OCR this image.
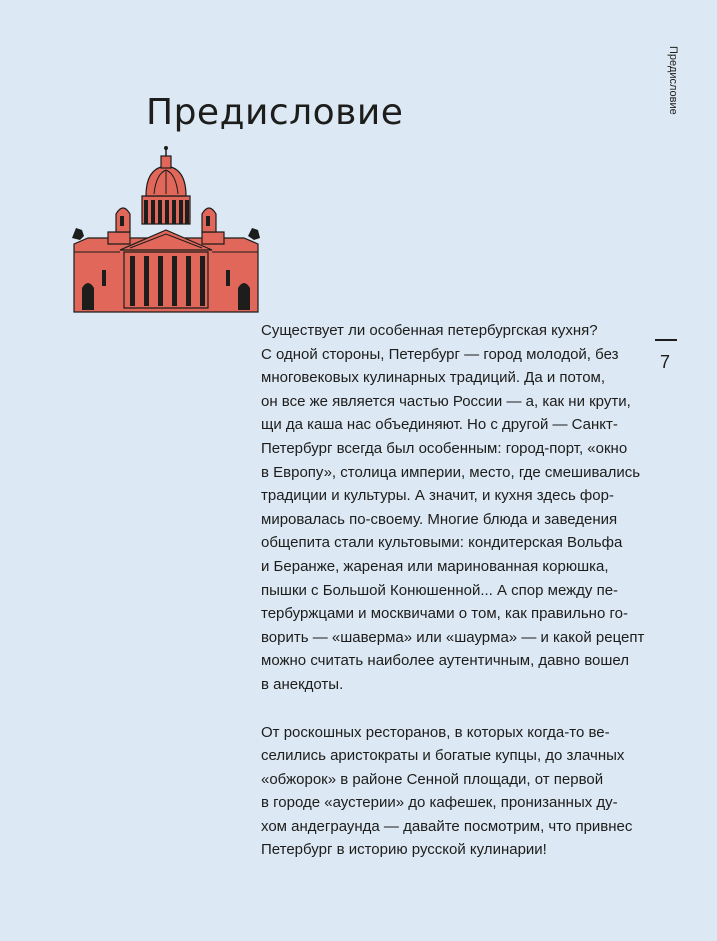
Предисловие	Предисловие
7

Существует ли особенная петербургская кухня?
С одной стороны, Петербург — город молодой, без
многовековых кулинарных традиций. Да и потом,
он все же является частью России — а, как ни крути,
щи да каша нас объединяют. Но с другой — Санкт-
Петербург всегда был особенным: город-порт, «окно
в Европу», столица империи, место, где смешивались
традиции и культуры. А значит, и кухня здесь фор-
мировалась по-своему. Многие блюда и заведения
общепита стали культовыми: кондитерская Вольфа
и Беранже, жареная или маринованная корюшка,
пышки с Большой Конюшенной... А спор между пе-
тербуржцами и москвичами о том, как правильно го-
ворить — «шаверма» или «шаурма» — и какой рецепт
можно считать наиболее аутентичным, давно вошел
в анекдоты.

От роскошных ресторанов, в которых когда-то ве-
селились аристократы и богатые купцы, до злачных
«обжорок» в районе Сенной площади, от первой
в городе «аустерии» до кафешек, пронизанных ду-
хом андеграунда — давайте посмотрим, что привнес
Петербург в историю русской кулинарии!
